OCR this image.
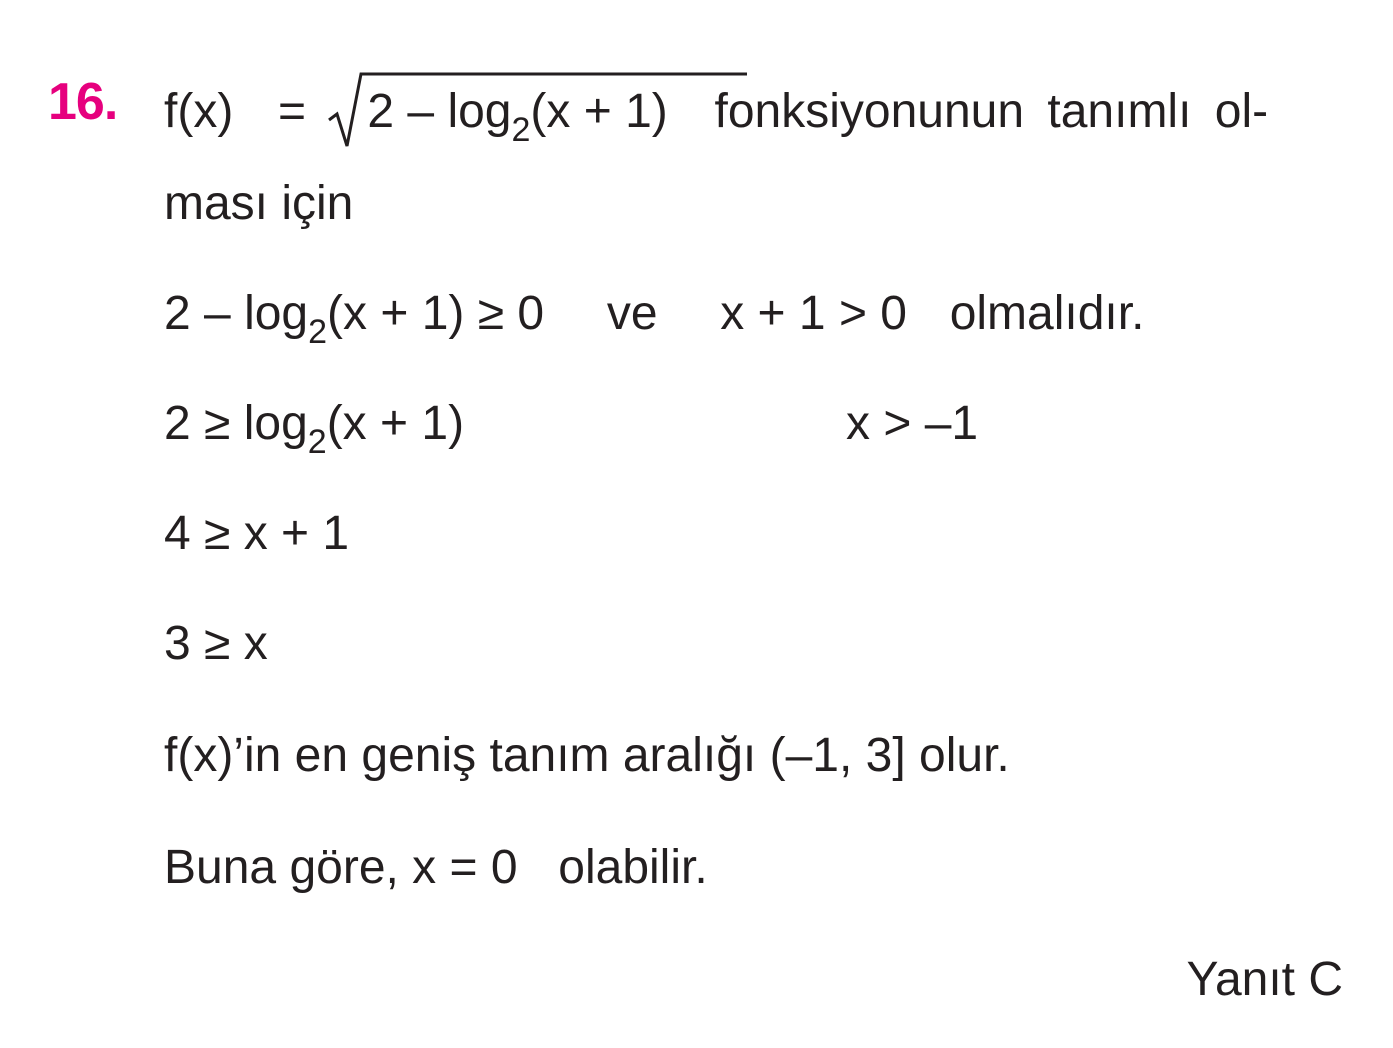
16. $f(x) = 2 - \log_2(x + 1)$ fonksiyonunun tanımlı ol-
ması için
$2 - \log_2(x + 1) \ge 0$ ve x + 1 > 0 olmalıdır.
$2 \ge \log_2(x + 1)$	x > –1
4 ≥ x + 1
3 ≥ x
f(x)’in en geniş tanım aralığı (–1, 3] olur.
Buna göre, x = 0 olabilir.
Yanıt C
